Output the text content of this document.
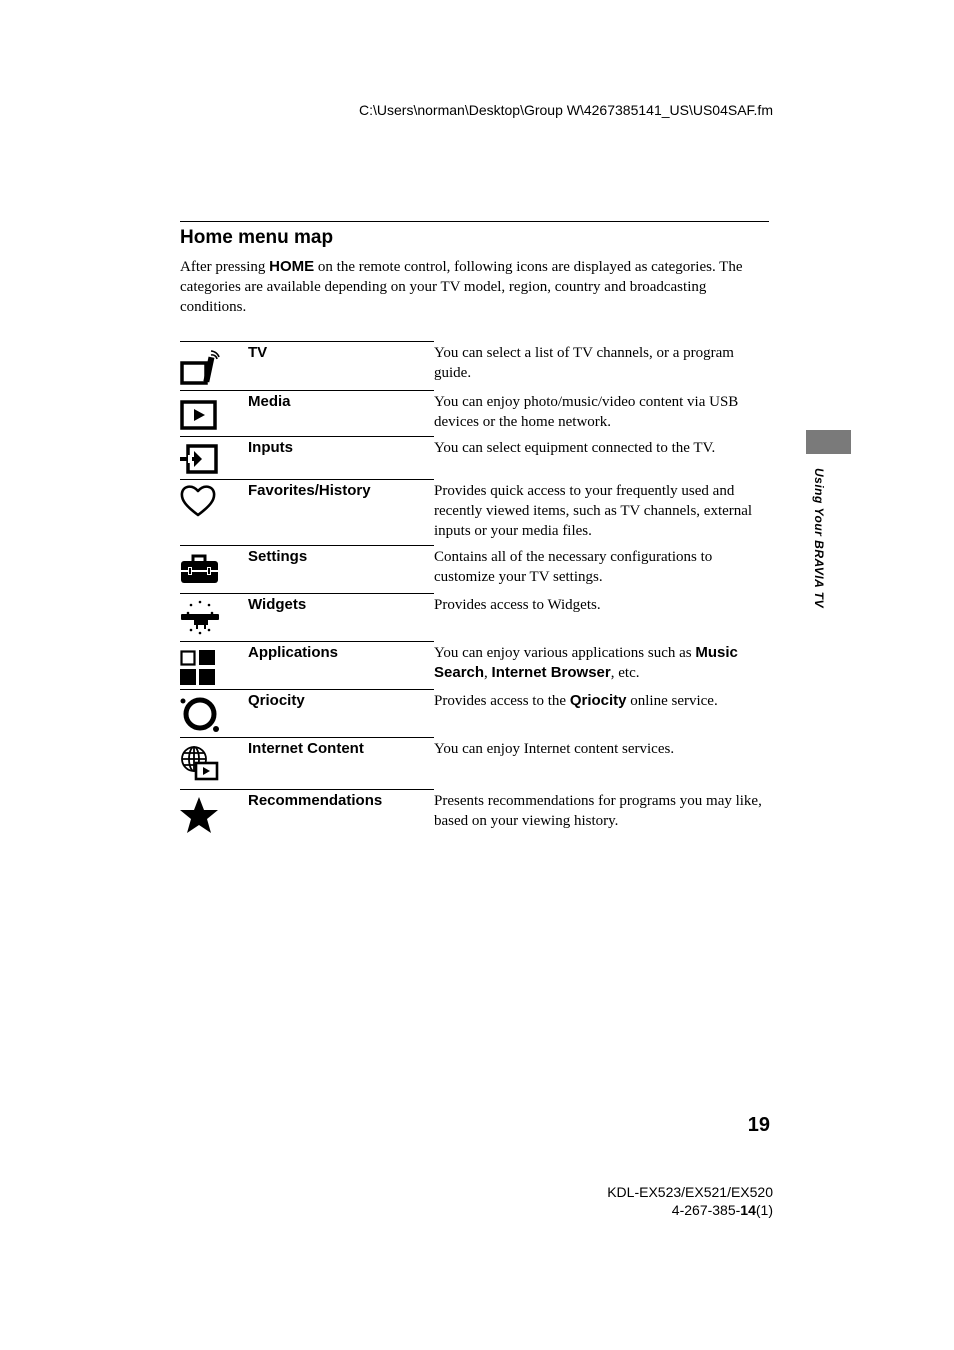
C:\Users\norman\Desktop\Group W\4267385141_US\US04SAF.fm
Home menu map

After pressing HOME on the remote control, following icons are displayed as categories. The categories are available depending on your TV model, region, country and broadcasting conditions.

TV	You can select a list of TV channels, or a program guide.

Media	You can enjoy photo/music/video content via USB devices or the home network.

Inputs	You can select equipment connected to the TV.

Favorites/History	Provides quick access to your frequently used and recently viewed items, such as TV channels, external inputs or your media files.

Settings	Contains all of the necessary configurations to customize your TV settings.

Widgets	Provides access to Widgets.

Applications	You can enjoy various applications such as Music Search, Internet Browser, etc.

Qriocity	Provides access to the Qriocity online service.

Internet Content	You can enjoy Internet content services.

Recommendations	Presents recommendations for programs you may like, based on your viewing history.

Using Your BRAVIA TV
19
KDL-EX523/EX521/EX520
4-267-385-14(1)
